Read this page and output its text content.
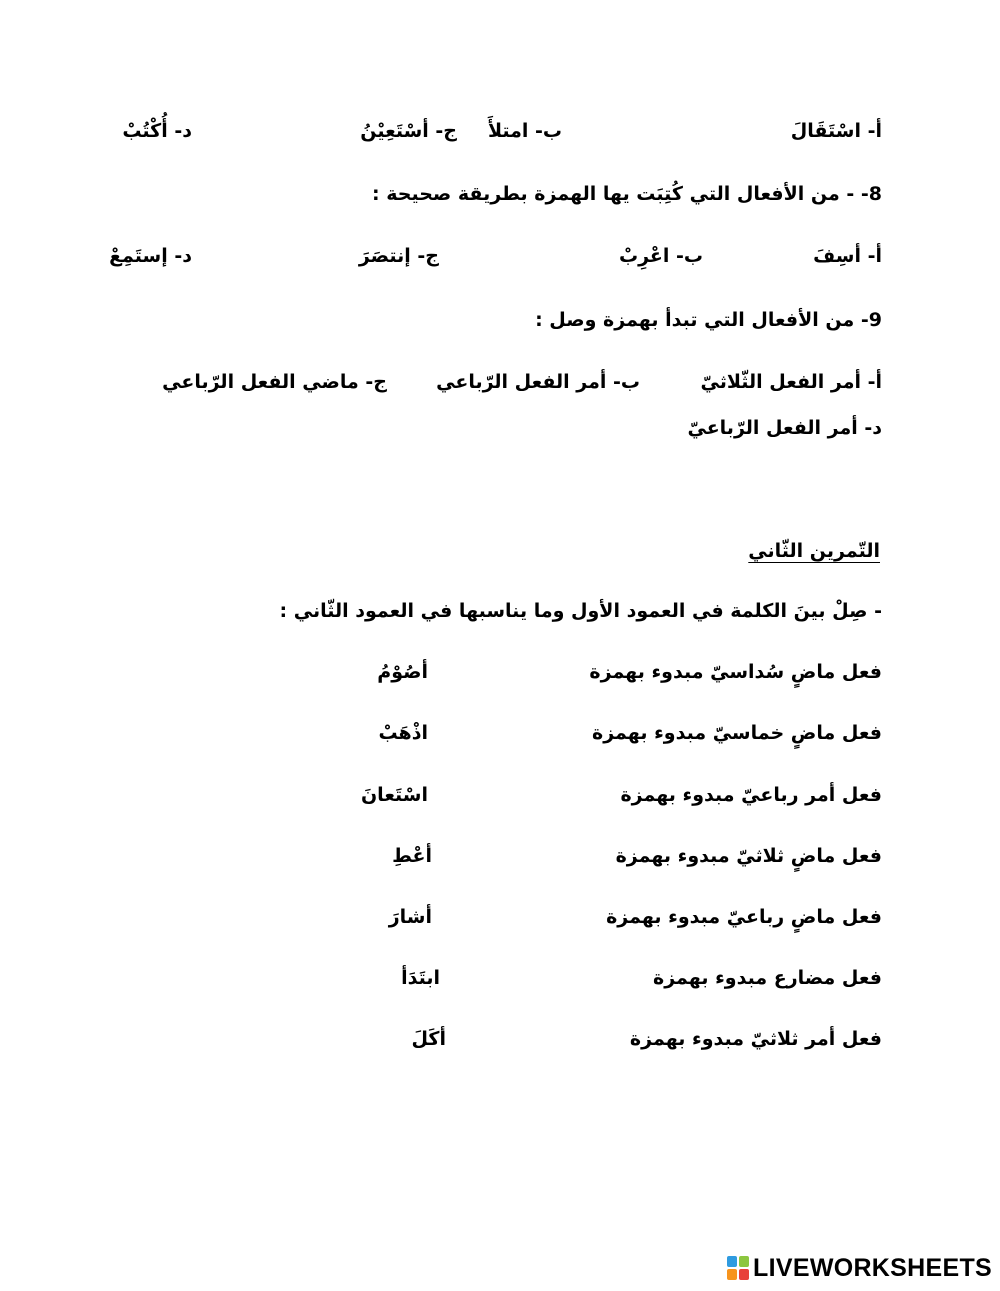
أ- اسْتَقَالَ
ب- امتلأَ
ج- أسْتَعِيْنُ
د- أُكْتُبْ
8- - من الأفعال التي كُتِبَت يها الهمزة بطريقة صحيحة :
أ- أسِفَ
ب- اعْرِبْ
ج- إنتصَرَ
د- إستَمِعْ
9- من الأفعال التي تبدأ بهمزة وصل :
أ- أمر الفعل الثّلاثيّ
ب- أمر الفعل الرّباعي
ج- ماضي الفعل الرّباعي
د- أمر الفعل الرّباعيّ
التّمرين الثّاني
- صِلْ بينَ الكلمة في العمود الأول وما يناسبها في العمود الثّاني :
فعل ماضٍ سُداسيّ مبدوء بهمزة
أصُوْمُ
فعل ماضٍ خماسيّ مبدوء بهمزة
اذْهَبْ
فعل أمر رباعيّ مبدوء بهمزة
اسْتَعانَ
فعل ماضٍ ثلاثيّ مبدوء بهمزة
أعْطِ
فعل ماضٍ رباعيّ مبدوء بهمزة
أشارَ
فعل مضارع مبدوء بهمزة
ابتَدَأ
فعل أمر ثلاثيّ مبدوء بهمزة
أكَلَ
LIVEWORKSHEETS
